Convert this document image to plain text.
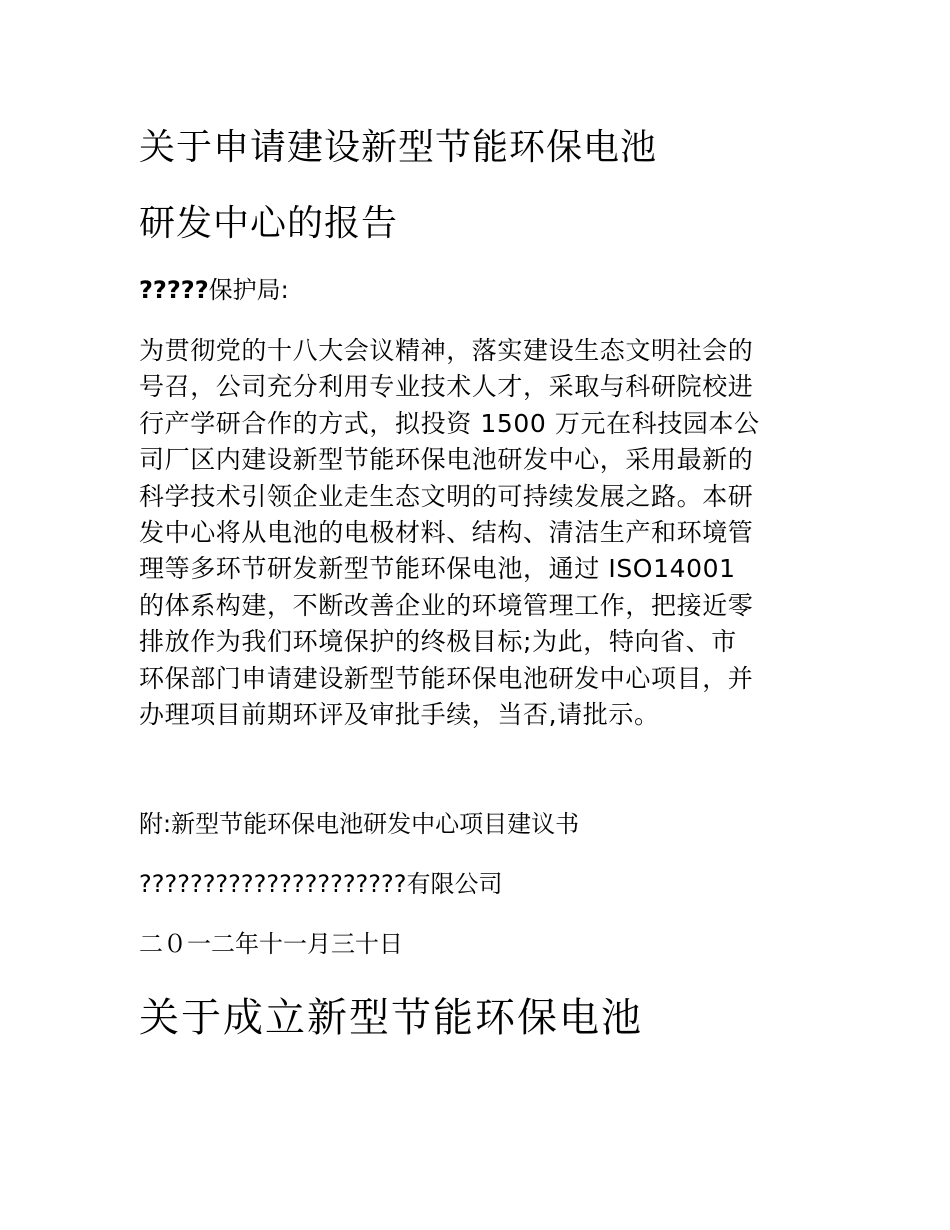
关于申请建设新型节能环保电池
研发中心的报告
?????保护局:

为贯彻党的十八大会议精神，落实建设生态文明社会的
号召，公司充分利用专业技术人才，采取与科研院校进
行产学研合作的方式，拟投资 1500 万元在科技园本公
司厂区内建设新型节能环保电池研发中心，采用最新的
科学技术引领企业走生态文明的可持续发展之路。本研
发中心将从电池的电极材料、结构、清洁生产和环境管
理等多环节研发新型节能环保电池，通过 ISO14001
的体系构建，不断改善企业的环境管理工作，把接近零
排放作为我们环境保护的终极目标;为此，特向省、市
环保部门申请建设新型节能环保电池研发中心项目，并
办理项目前期环评及审批手续，当否,请批示。

附:新型节能环保电池研发中心项目建议书
?????????????????????有限公司
二０一二年十一月三十日
关于成立新型节能环保电池
